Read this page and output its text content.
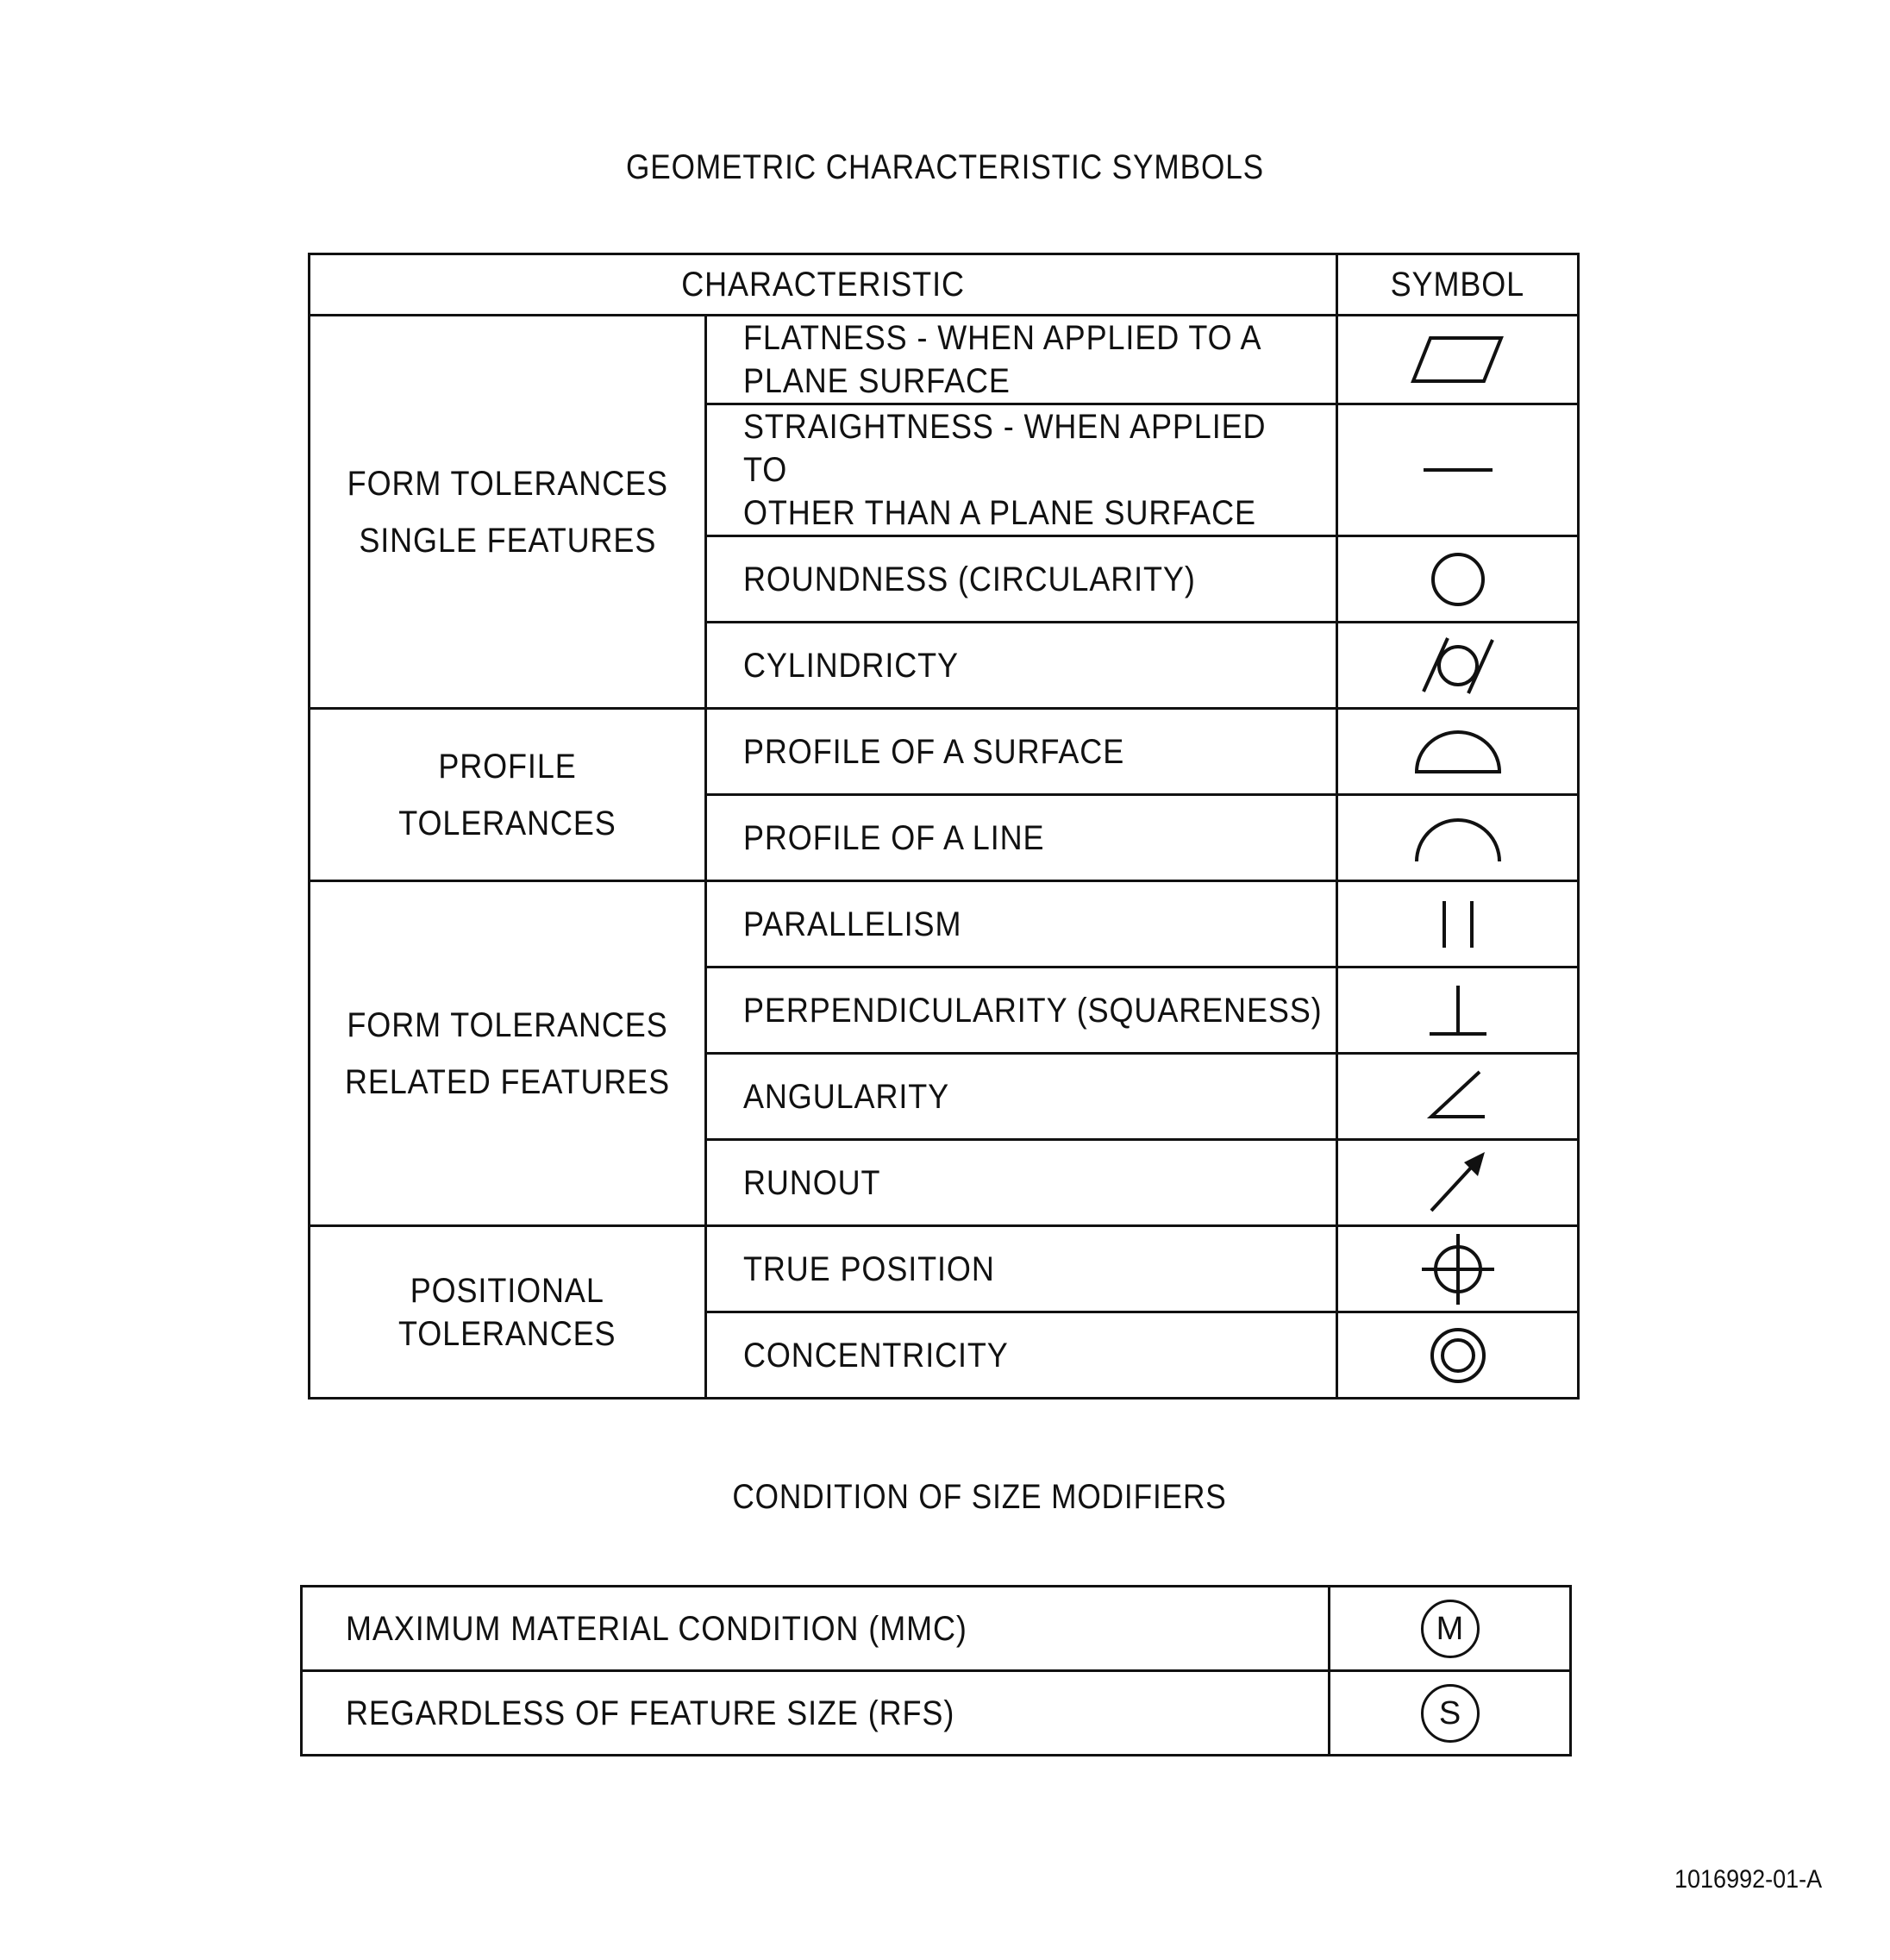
GEOMETRIC CHARACTERISTIC SYMBOLS
CHARACTERISTIC		SYMBOL
FORM TOLERANCES
SINGLE FEATURES	FLATNESS - WHEN APPLIED TO A
PLANE SURFACE	
	STRAIGHTNESS - WHEN APPLIED TO
OTHER THAN A PLANE SURFACE	
	ROUNDNESS (CIRCULARITY)	
	CYLINDRICTY	
PROFILE TOLERANCES	PROFILE OF A SURFACE	
	PROFILE OF A LINE	
FORM TOLERANCES
RELATED FEATURES	PARALLELISM	
	PERPENDICULARITY (SQUARENESS)	
	ANGULARITY	
	RUNOUT	
POSITIONAL
TOLERANCES	TRUE POSITION	
	CONCENTRICITY	
CONDITION OF SIZE MODIFIERS
MAXIMUM MATERIAL CONDITION (MMC)	M
REGARDLESS OF FEATURE SIZE (RFS)	S
1016992-01-A
